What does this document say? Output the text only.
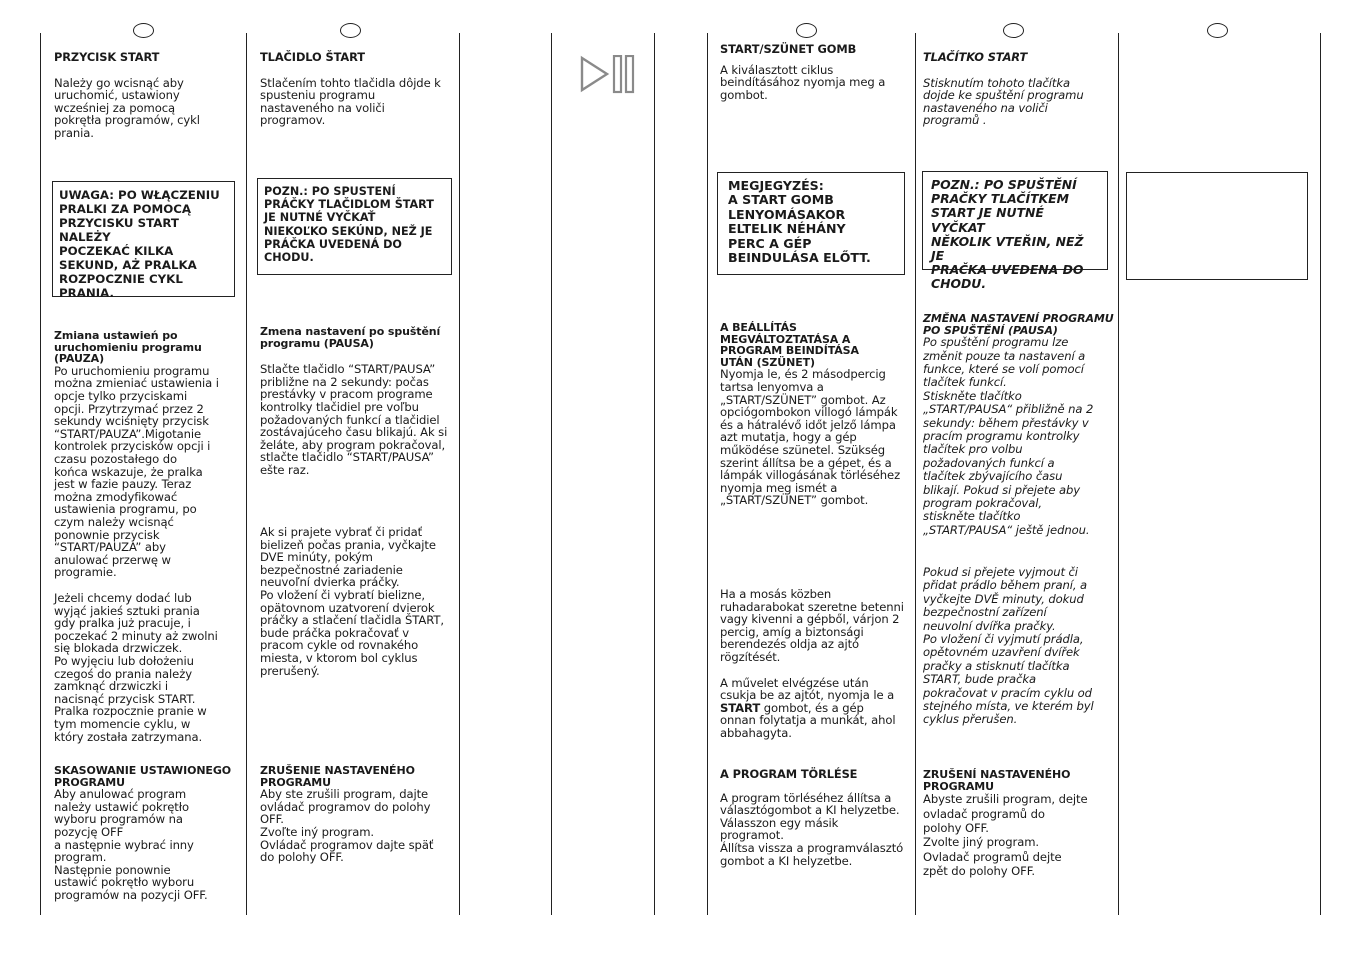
PRZYCISK START

Należy go wcisnąć aby
uruchomić, ustawiony
wcześniej za pomocą
pokrętła programów, cykl
prania.

UWAGA: PO WŁĄCZENIU
PRALKI ZA POMOCĄ
PRZYCISKU START NALEŻY
POCZEKAĆ KILKA
SEKUND, AŻ PRALKA
ROZPOCZNIE CYKL
PRANIA.

Zmiana ustawień po
uruchomieniu programu
(PAUZA)

Po uruchomieniu programu
można zmieniać ustawienia i
opcje tylko przyciskami
opcji. Przytrzymać przez 2
sekundy wciśnięty przycisk
“START/PAUZA”.Migotanie
kontrolek przycisków opcji i
czasu pozostałego do
końca wskazuje, że pralka
jest w fazie pauzy. Teraz
można zmodyfikować
ustawienia programu, po
czym należy wcisnąć
ponownie przycisk
“START/PAUZA” aby
anulować przerwę w
programie.

Jeżeli chcemy dodać lub
wyjąć jakieś sztuki prania
gdy pralka już pracuje, i
poczekać 2 minuty aż zwolni
się blokada drzwiczek.
Po wyjęciu lub dołożeniu
czegoś do prania należy
zamknąć drzwiczki i
nacisnąć przycisk START.
Pralka rozpocznie pranie w
tym momencie cyklu, w
który została zatrzymana.

SKASOWANIE USTAWIONEGO
PROGRAMU

Aby anulować program
należy ustawić pokrętło
wyboru programów na
pozycję OFF
a następnie wybrać inny
program.
Następnie ponownie
ustawić pokrętło wyboru
programów na pozycji OFF.

TLAČIDLO ŠTART

Stlačením tohto tlačidla dôjde k
spusteniu programu
nastaveného na voliči
programov.

POZN.: PO SPUSTENÍ
PRÁČKY TLAČIDLOM ŠTART
JE NUTNÉ VYČKAŤ
NIEKOĽKO SEKÚND, NEŽ JE
PRÁČKA UVEDENÁ DO
CHODU.

Zmena nastavení po spuštění
programu (PAUSA)

Stlačte tlačidlo “START/PAUSA”
približne na 2 sekundy: počas
prestávky v pracom programe
kontrolky tlačidiel pre voľbu
požadovaných funkcí a tlačidiel
zostávajúceho času blikajú. Ak si
želáte, aby program pokračoval,
stlačte tlačidlo “START/PAUSA”
ešte raz.

Ak si prajete vybrať či pridať
bielizeň počas prania, vyčkajte
DVE minúty, pokým
bezpečnostné zariadenie
neuvoľní dvierka práčky.
Po vložení či vybratí bielizne,
opätovnom uzatvorení dvierok
práčky a stlačení tlačidla ŠTART,
bude práčka pokračovať v
pracom cykle od rovnakého
miesta, v ktorom bol cyklus
prerušený.

ZRUŠENIE NASTAVENÉHO
PROGRAMU

Aby ste zrušili program, dajte
ovládač programov do polohy
OFF.
Zvoľte iný program.
Ovládač programov dajte späť
do polohy OFF.

START/SZÜNET GOMB

A kiválasztott ciklus
beindításához nyomja meg a
gombot.

MEGJEGYZÉS:
A START GOMB
LENYOMÁSAKOR
ELTELIK NÉHÁNY
PERC A GÉP
BEINDULÁSA ELŐTT.

A BEÁLLÍTÁS
MEGVÁLTOZTATÁSA A
PROGRAM BEINDÍTÁSA
UTÁN (SZÜNET)

Nyomja le, és 2 másodpercig
tartsa lenyomva a
„START/SZÜNET” gombot. Az
opciógombokon villogó lámpák
és a hátralévő időt jelző lámpa
azt mutatja, hogy a gép
működése szünetel. Szükség
szerint állítsa be a gépet, és a
lámpák villogásának törléséhez
nyomja meg ismét a
„START/SZÜNET” gombot.

Ha a mosás közben
ruhadarabokat szeretne betenni
vagy kivenni a gépből, várjon 2
percig, amíg a biztonsági
berendezés oldja az ajtó
rögzítését.

A művelet elvégzése után
csukja be az ajtót, nyomja le a
START gombot, és a gép
onnan folytatja a munkát, ahol
abbahagyta.

A PROGRAM TÖRLÉSE

A program törléséhez állítsa a
választógombot a KI helyzetbe.
Válasszon egy másik
programot.
Állítsa vissza a programválasztó
gombot a KI helyzetbe.

TLAČÍTKO START

Stisknutím tohoto tlačítka
dojde ke spuštění programu
nastaveného na voliči
programů .

POZN.: PO SPUŠTĚNÍ
PRAČKY TLAČÍTKEM
START JE NUTNÉ VYČKAT
NĚKOLIK VTEŘIN, NEŽ JE
PRAČKA UVEDENA DO
CHODU.

ZMĚNA NASTAVENÍ PROGRAMU
PO SPUŠTĚNÍ (PAUSA)

Po spuštění programu lze
změnit pouze ta nastavení a
funkce, které se volí pomocí
tlačítek funkcí.
Stiskněte tlačítko
„START/PAUSA“ přibližně na 2
sekundy: během přestávky v
pracím programu kontrolky
tlačítek pro volbu
požadovaných funkcí a
tlačítek zbývajícího času
blikají. Pokud si přejete aby
program pokračoval,
stiskněte tlačítko
„START/PAUSA“ ještě jednou.

Pokud si přejete vyjmout či
přidat prádlo během praní, a
vyčkejte DVĚ minuty, dokud
bezpečnostní zařízení
neuvolní dvířka pračky.
Po vložení či vyjmutí prádla,
opětovném uzavření dvířek
pračky a stisknutí tlačítka
START, bude pračka
pokračovat v pracím cyklu od
stejného místa, ve kterém byl
cyklus přerušen.

ZRUŠENÍ NASTAVENÉHO
PROGRAMU

Abyste zrušili program, dejte
ovladač programů do
polohy OFF.
Zvolte jiný program.
Ovladač programů dejte
zpět do polohy OFF.
